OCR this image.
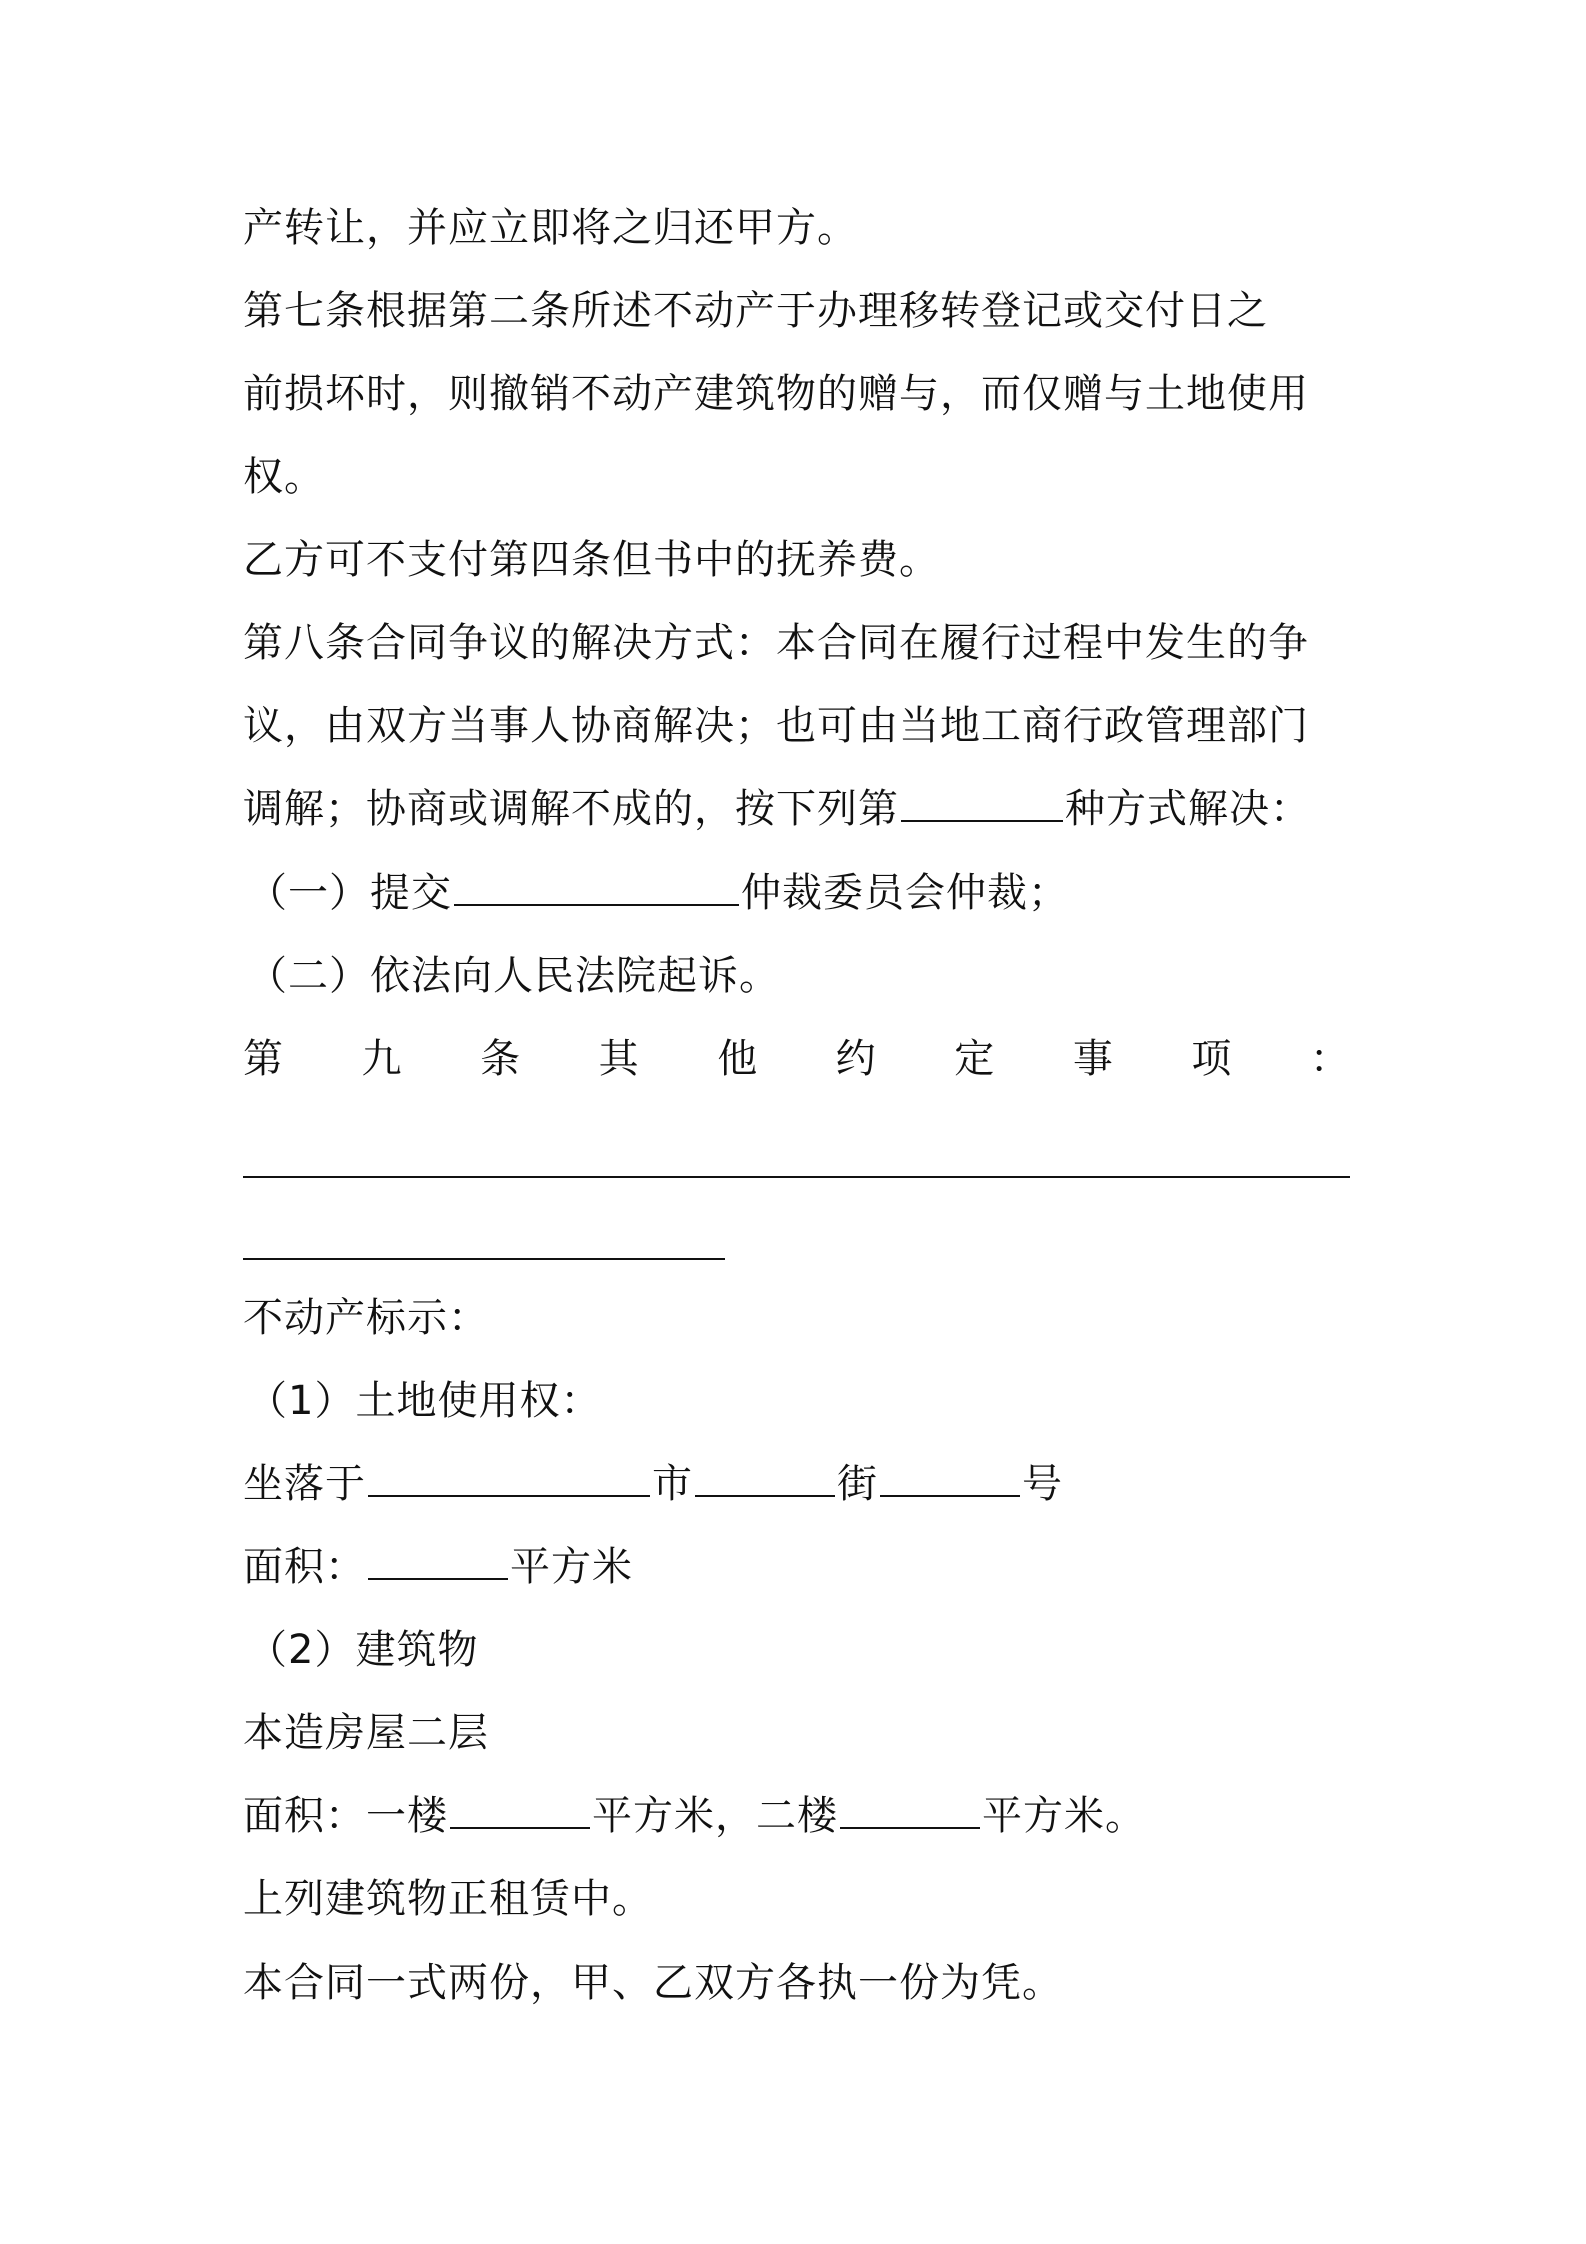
产转让，并应立即将之归还甲方。
第七条根据第二条所述不动产于办理移转登记或交付日之
前损坏时，则撤销不动产建筑物的赠与，而仅赠与土地使用
权。
乙方可不支付第四条但书中的抚养费。
第八条合同争议的解决方式：本合同在履行过程中发生的争
议，由双方当事人协商解决；也可由当地工商行政管理部门
调解；协商或调解不成的，按下列第	种方式解决：
（一）提交	仲裁委员会仲裁；
（二）依法向人民法院起诉。
第 九 条 其 他 约 定 事 项 ：
不动产标示：
（1）土地使用权：
坐落于	市	街	号
面积：	平方米
（2）建筑物
本造房屋二层
面积：一楼	平方米，二楼	平方米。
上列建筑物正租赁中。
本合同一式两份，甲、乙双方各执一份为凭。
